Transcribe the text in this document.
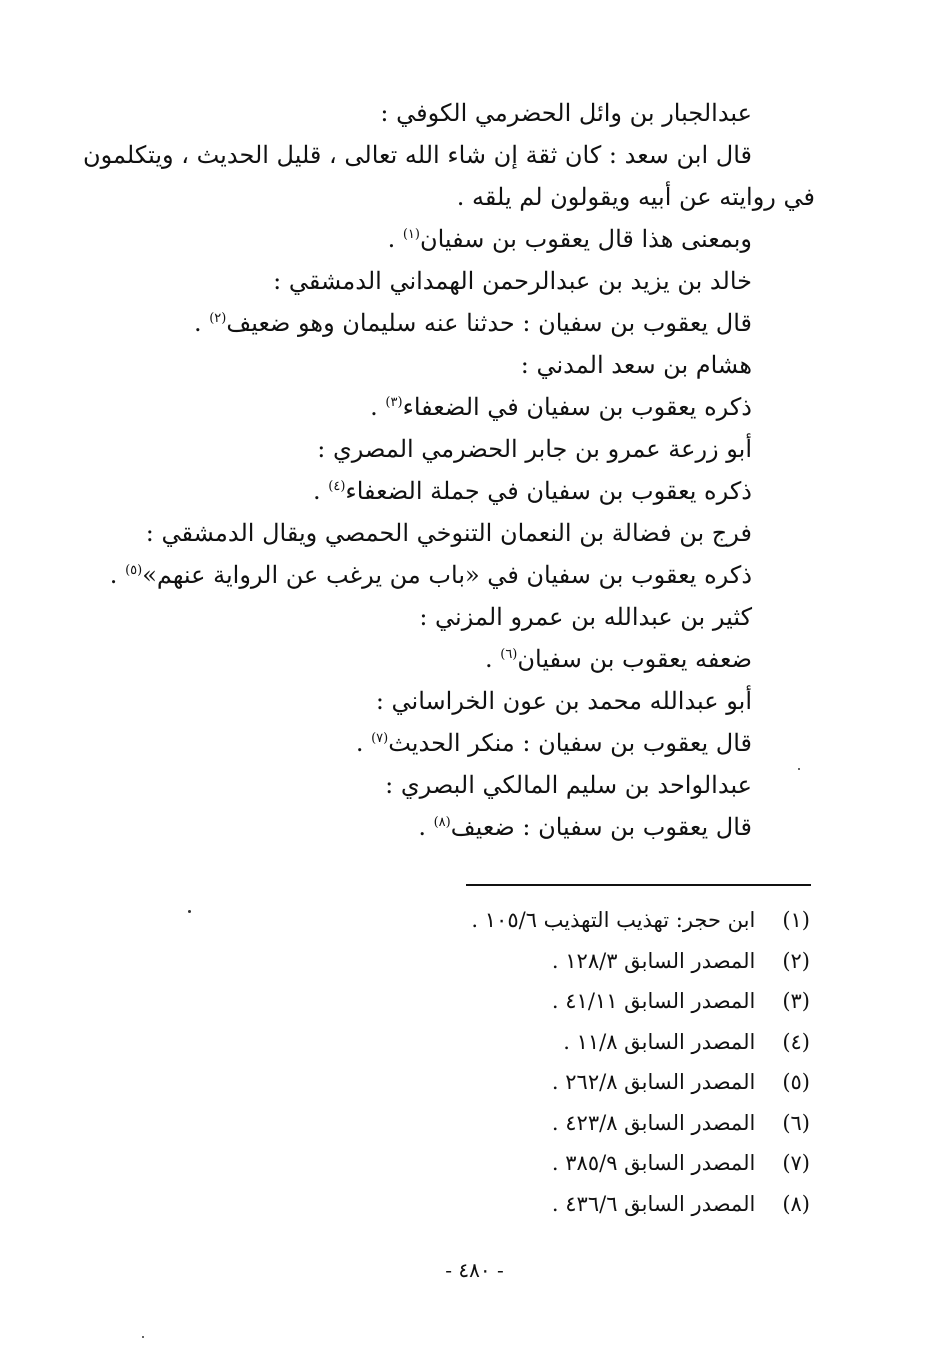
عبدالجبار بن وائل الحضرمي الكوفي :
قال ابن سعد : كان ثقة إن شاء الله تعالى ، قليل الحديث ، ويتكلمون
في روايته عن أبيه ويقولون لم يلقه .
وبمعنى هذا قال يعقوب بن سفيان$^{(١)}$ .
خالد بن يزيد بن عبدالرحمن الهمداني الدمشقي :
قال يعقوب بن سفيان : حدثنا عنه سليمان وهو ضعيف$^{(٢)}$ .
هشام بن سعد المدني :
ذكره يعقوب بن سفيان في الضعفاء$^{(٣)}$ .
أبو زرعة عمرو بن جابر الحضرمي المصري :
ذكره يعقوب بن سفيان في جملة الضعفاء$^{(٤)}$ .
فرج بن فضالة بن النعمان التنوخي الحمصي ويقال الدمشقي :
ذكره يعقوب بن سفيان في «باب من يرغب عن الرواية عنهم»$^{(٥)}$ .
كثير بن عبدالله بن عمرو المزني :
ضعفه يعقوب بن سفيان$^{(٦)}$ .
أبو عبدالله محمد بن عون الخراساني :
قال يعقوب بن سفيان : منكر الحديث$^{(٧)}$ .
عبدالواحد بن سليم المالكي البصري :
قال يعقوب بن سفيان : ضعيف$^{(٨)}$ .
(١) ابن حجر: تهذيب التهذيب ١٠٥/٦ .
(٢) المصدر السابق ١٢٨/٣ .
(٣) المصدر السابق ٤١/١١ .
(٤) المصدر السابق ١١/٨ .
(٥) المصدر السابق ٢٦٢/٨ .
(٦) المصدر السابق ٤٢٣/٨ .
(٧) المصدر السابق ٣٨٥/٩ .
(٨) المصدر السابق ٤٣٦/٦ .
- ٤٨٠ -
